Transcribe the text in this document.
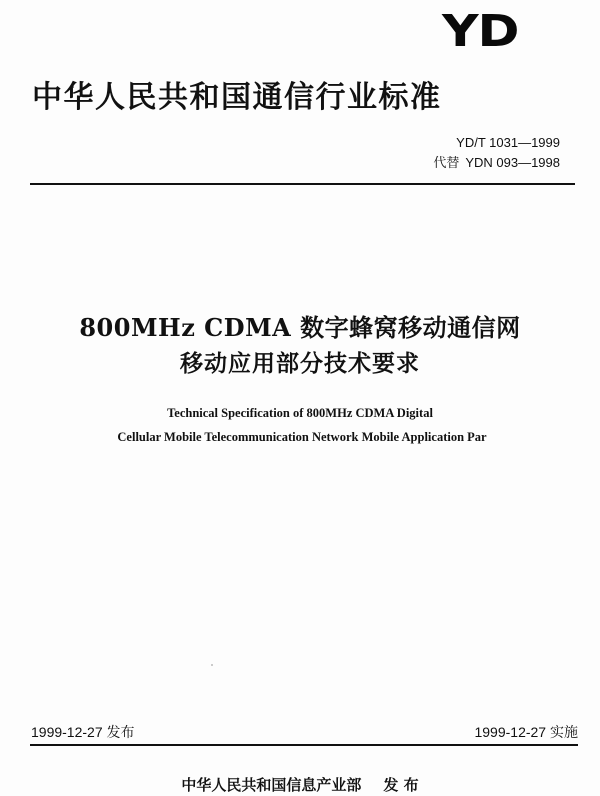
YD
中华人民共和国通信行业标准
YD/T 1031—1999
代替 YDN 093—1998
800MHz CDMA 数字蜂窝移动通信网
移动应用部分技术要求
Technical Specification of 800MHz CDMA Digital
Cellular Mobile Telecommunication Network Mobile Application Par
1999-12-27 发布	1999-12-27 实施
中华人民共和国信息产业部 发 布
